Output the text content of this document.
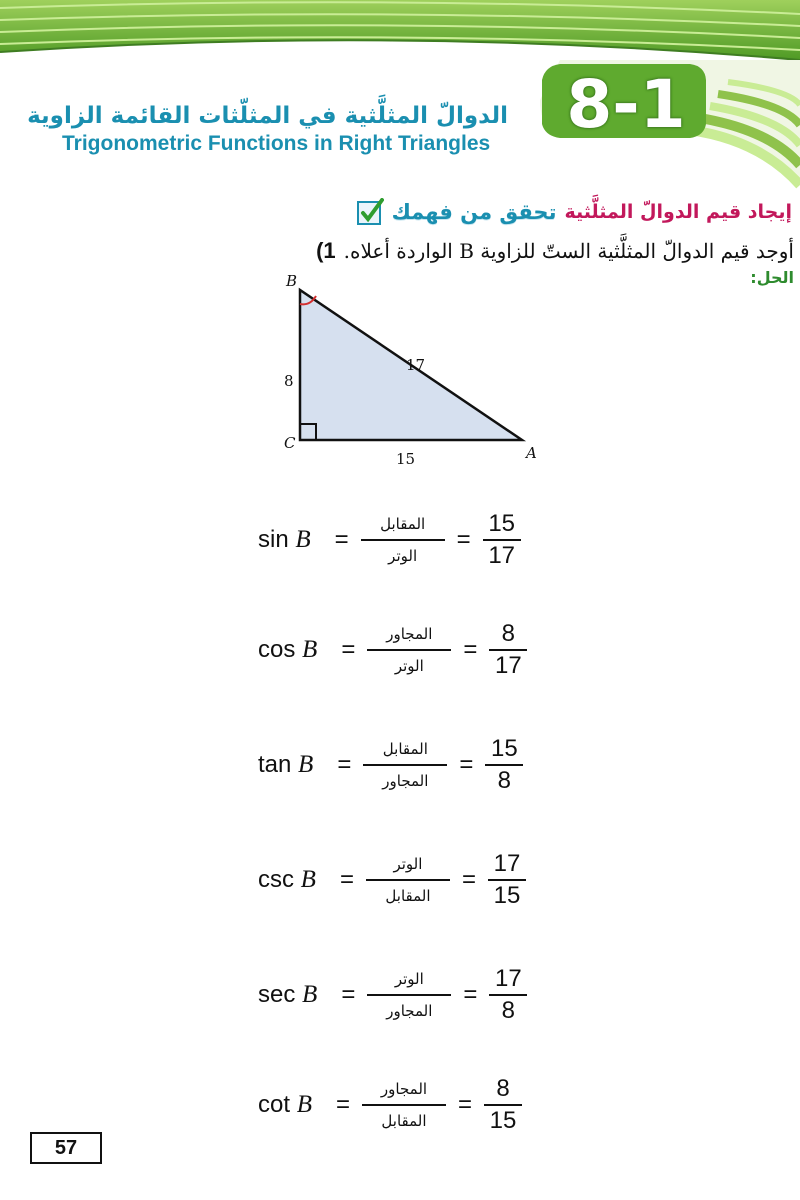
8-1
الدوالّ المثلَّثية في المثلّثات القائمة الزاوية
Trigonometric Functions in Right Triangles
تحقق من فهمك إيجاد قيم الدوالّ المثلَّثية
1) أوجد قيم الدوالّ المثلَّثية الستّ للزاوية B الواردة أعلاه.
الحل:
B
C
A
8
15
17
$\sin B = \frac{\text{المقابل}}{\text{الوتر}} = \frac{15}{17}$
$\cos B = \frac{\text{المجاور}}{\text{الوتر}} = \frac{8}{17}$
$\tan B = \frac{\text{المقابل}}{\text{المجاور}} = \frac{15}{8}$
$\csc B = \frac{\text{الوتر}}{\text{المقابل}} = \frac{17}{15}$
$\sec B = \frac{\text{الوتر}}{\text{المجاور}} = \frac{17}{8}$
$\cot B = \frac{\text{المجاور}}{\text{المقابل}} = \frac{8}{15}$
57
